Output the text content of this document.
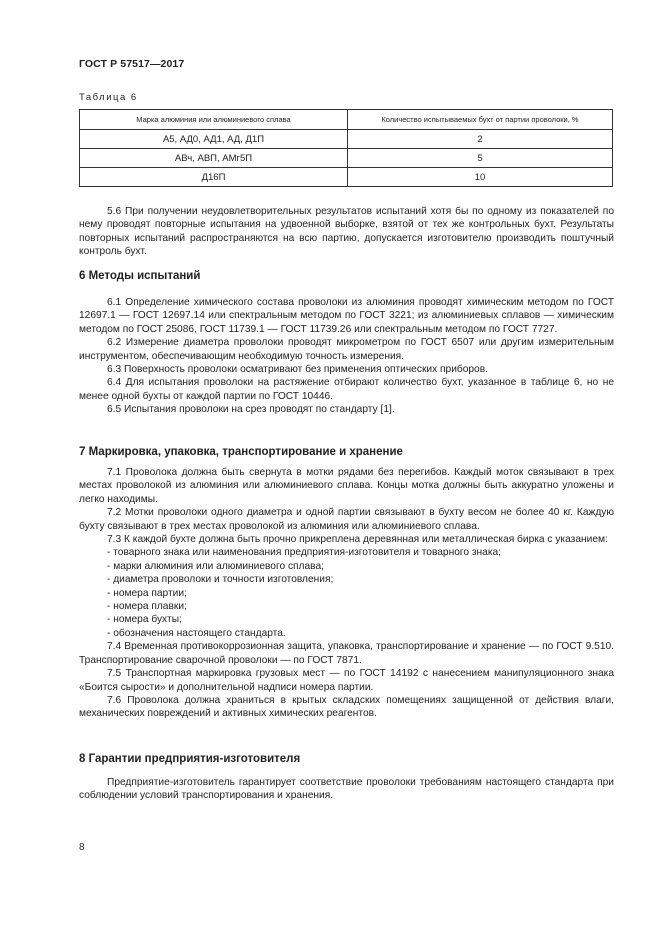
ГОСТ Р 57517—2017
Таблица 6
Марка алюминия или алюминиевого сплава	Количество испытываемых бухт от партии проволоки, %
А5, АД0, АД1, АД, Д1П	2
АВч, АВП, АМг5П	5
Д16П	10

5.6 При получении неудовлетворительных результатов испытаний хотя бы по одному из показателей по нему проводят повторные испытания на удвоенной выборке, взятой от тех же контрольных бухт. Результаты повторных испытаний распространяются на всю партию, допускается изготовителю производить поштучный контроль бухт.

6 Методы испытаний

6.1 Определение химического состава проволоки из алюминия проводят химическим методом по ГОСТ 12697.1 — ГОСТ 12697.14 или спектральным методом по ГОСТ 3221; из алюминиевых сплавов — химическим методом по ГОСТ 25086, ГОСТ 11739.1 — ГОСТ 11739.26 или спектральным методом по ГОСТ 7727.

6.2 Измерение диаметра проволоки проводят микрометром по ГОСТ 6507 или другим измерительным инструментом, обеспечивающим необходимую точность измерения.

6.3 Поверхность проволоки осматривают без применения оптических приборов.

6.4 Для испытания проволоки на растяжение отбирают количество бухт, указанное в таблице 6, но не менее одной бухты от каждой партии по ГОСТ 10446.

6.5 Испытания проволоки на срез проводят по стандарту [1].

7 Маркировка, упаковка, транспортирование и хранение

7.1 Проволока должна быть свернута в мотки рядами без перегибов. Каждый моток связывают в трех местах проволокой из алюминия или алюминиевого сплава. Концы мотка должны быть аккуратно уложены и легко находимы.

7.2 Мотки проволоки одного диаметра и одной партии связывают в бухту весом не более 40 кг. Каждую бухту связывают в трех местах проволокой из алюминия или алюминиевого сплава.

7.3 К каждой бухте должна быть прочно прикреплена деревянная или металлическая бирка с указанием:

- товарного знака или наименования предприятия-изготовителя и товарного знака;

- марки алюминия или алюминиевого сплава;

- диаметра проволоки и точности изготовления;

- номера партии;

- номера плавки;

- номера бухты;

- обозначения настоящего стандарта.

7.4 Временная противокоррозионная защита, упаковка, транспортирование и хранение — по ГОСТ 9.510. Транспортирование сварочной проволоки — по ГОСТ 7871.

7.5 Транспортная маркировка грузовых мест — по ГОСТ 14192 с нанесением манипуляционного знака «Боится сырости» и дополнительной надписи номера партии.

7.6 Проволока должна храниться в крытых складских помещениях защищенной от действия влаги, механических повреждений и активных химических реагентов.

8 Гарантии предприятия-изготовителя

Предприятие-изготовитель гарантирует соответствие проволоки требованиям настоящего стандарта при соблюдении условий транспортирования и хранения.

8
